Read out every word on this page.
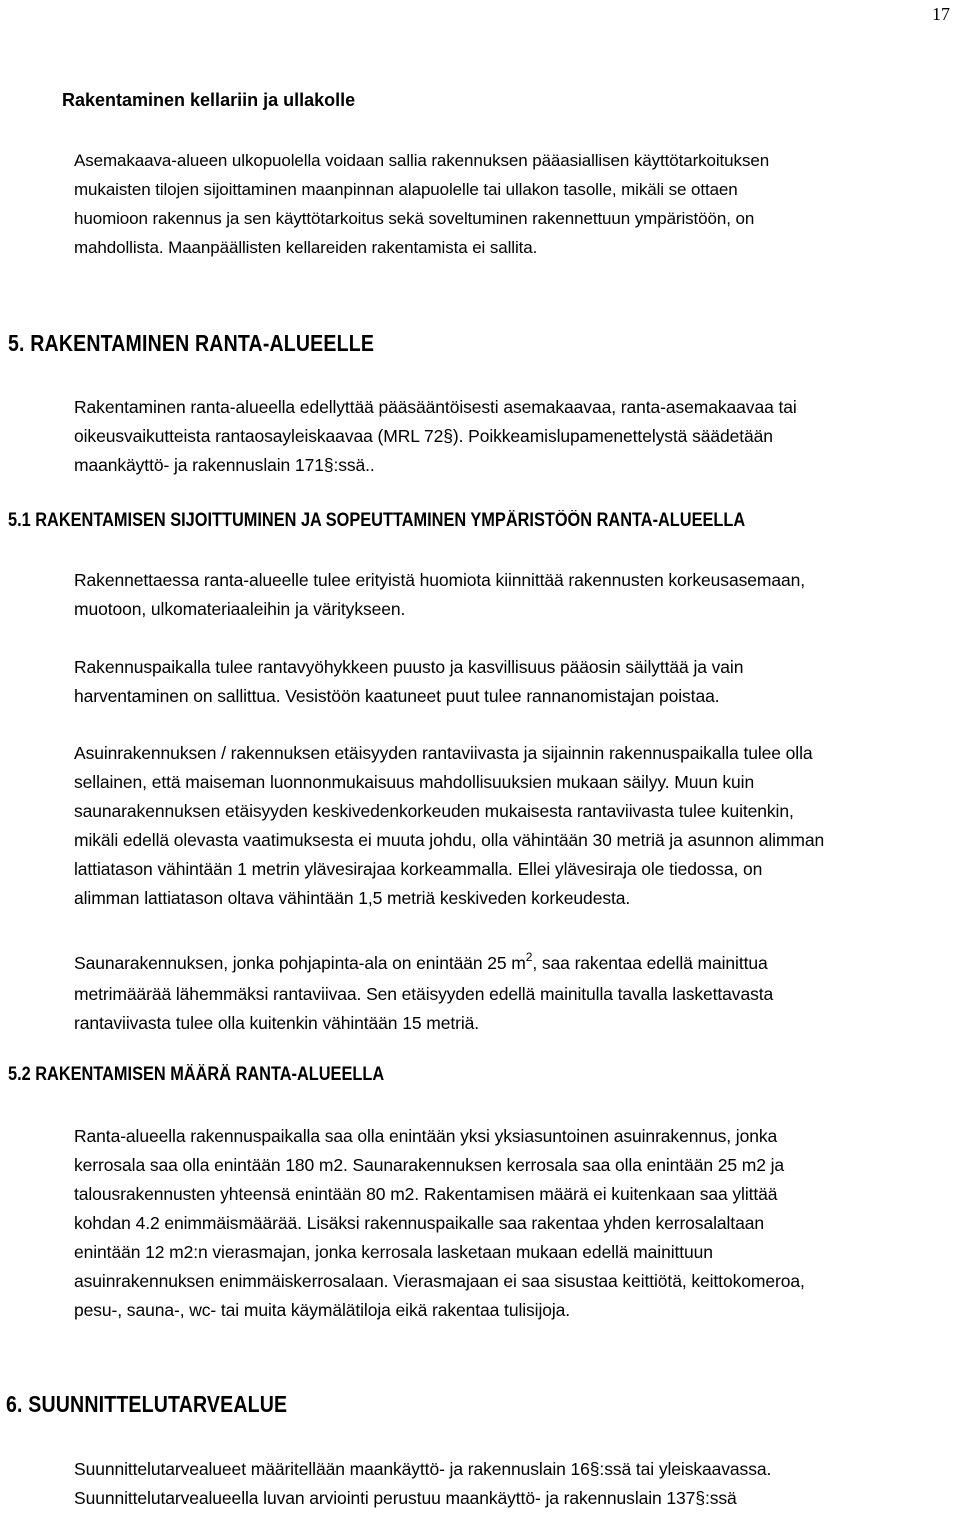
17
Rakentaminen kellariin ja ullakolle
Asemakaava-alueen ulkopuolella voidaan sallia rakennuksen pääasiallisen käyttötarkoituksen
mukaisten tilojen sijoittaminen maanpinnan alapuolelle tai ullakon tasolle, mikäli se ottaen
huomioon rakennus ja sen käyttötarkoitus sekä soveltuminen rakennettuun ympäristöön, on
mahdollista. Maanpäällisten kellareiden rakentamista ei sallita.
5. RAKENTAMINEN RANTA-ALUEELLE
Rakentaminen ranta-alueella edellyttää pääsääntöisesti asemakaavaa, ranta-asemakaavaa tai
oikeusvaikutteista rantaosayleiskaavaa (MRL 72§). Poikkeamislupamenettelystä säädetään
maankäyttö- ja rakennuslain 171§:ssä..
5.1 RAKENTAMISEN SIJOITTUMINEN JA SOPEUTTAMINEN YMPÄRISTÖÖN RANTA-ALUEELLA
Rakennettaessa ranta-alueelle tulee erityistä huomiota kiinnittää rakennusten korkeusasemaan,
muotoon, ulkomateriaaleihin ja väritykseen.
Rakennuspaikalla tulee rantavyöhykkeen puusto ja kasvillisuus pääosin säilyttää ja vain
harventaminen on sallittua. Vesistöön kaatuneet puut tulee rannanomistajan poistaa.
Asuinrakennuksen / rakennuksen etäisyyden rantaviivasta ja sijainnin rakennuspaikalla tulee olla
sellainen, että maiseman luonnonmukaisuus mahdollisuuksien mukaan säilyy. Muun kuin
saunarakennuksen etäisyyden keskivedenkorkeuden mukaisesta rantaviivasta tulee kuitenkin,
mikäli edellä olevasta vaatimuksesta ei muuta johdu, olla vähintään 30 metriä ja asunnon alimman
lattiatason vähintään 1 metrin ylävesirajaa korkeammalla. Ellei ylävesiraja ole tiedossa, on
alimman lattiatason oltava vähintään 1,5 metriä keskiveden korkeudesta.
Saunarakennuksen, jonka pohjapinta-ala on enintään 25 $m^2$, saa rakentaa edellä mainittua
metrimäärää lähemmäksi rantaviivaa. Sen etäisyyden edellä mainitulla tavalla laskettavasta
rantaviivasta tulee olla kuitenkin vähintään 15 metriä.
5.2 RAKENTAMISEN MÄÄRÄ RANTA-ALUEELLA
Ranta-alueella rakennuspaikalla saa olla enintään yksi yksiasuntoinen asuinrakennus, jonka
kerrosala saa olla enintään 180 m2. Saunarakennuksen kerrosala saa olla enintään 25 m2 ja
talousrakennusten yhteensä enintään 80 m2. Rakentamisen määrä ei kuitenkaan saa ylittää
kohdan 4.2 enimmäismäärää. Lisäksi rakennuspaikalle saa rakentaa yhden kerrosalaltaan
enintään 12 m2:n vierasmajan, jonka kerrosala lasketaan mukaan edellä mainittuun
asuinrakennuksen enimmäiskerrosalaan. Vierasmajaan ei saa sisustaa keittiötä, keittokomeroa,
pesu-, sauna-, wc- tai muita käymälätiloja eikä rakentaa tulisijoja.
6. SUUNNITTELUTARVEALUE
Suunnittelutarvealueet määritellään maankäyttö- ja rakennuslain 16§:ssä tai yleiskaavassa.
Suunnittelutarvealueella luvan arviointi perustuu maankäyttö- ja rakennuslain 137§:ssä
